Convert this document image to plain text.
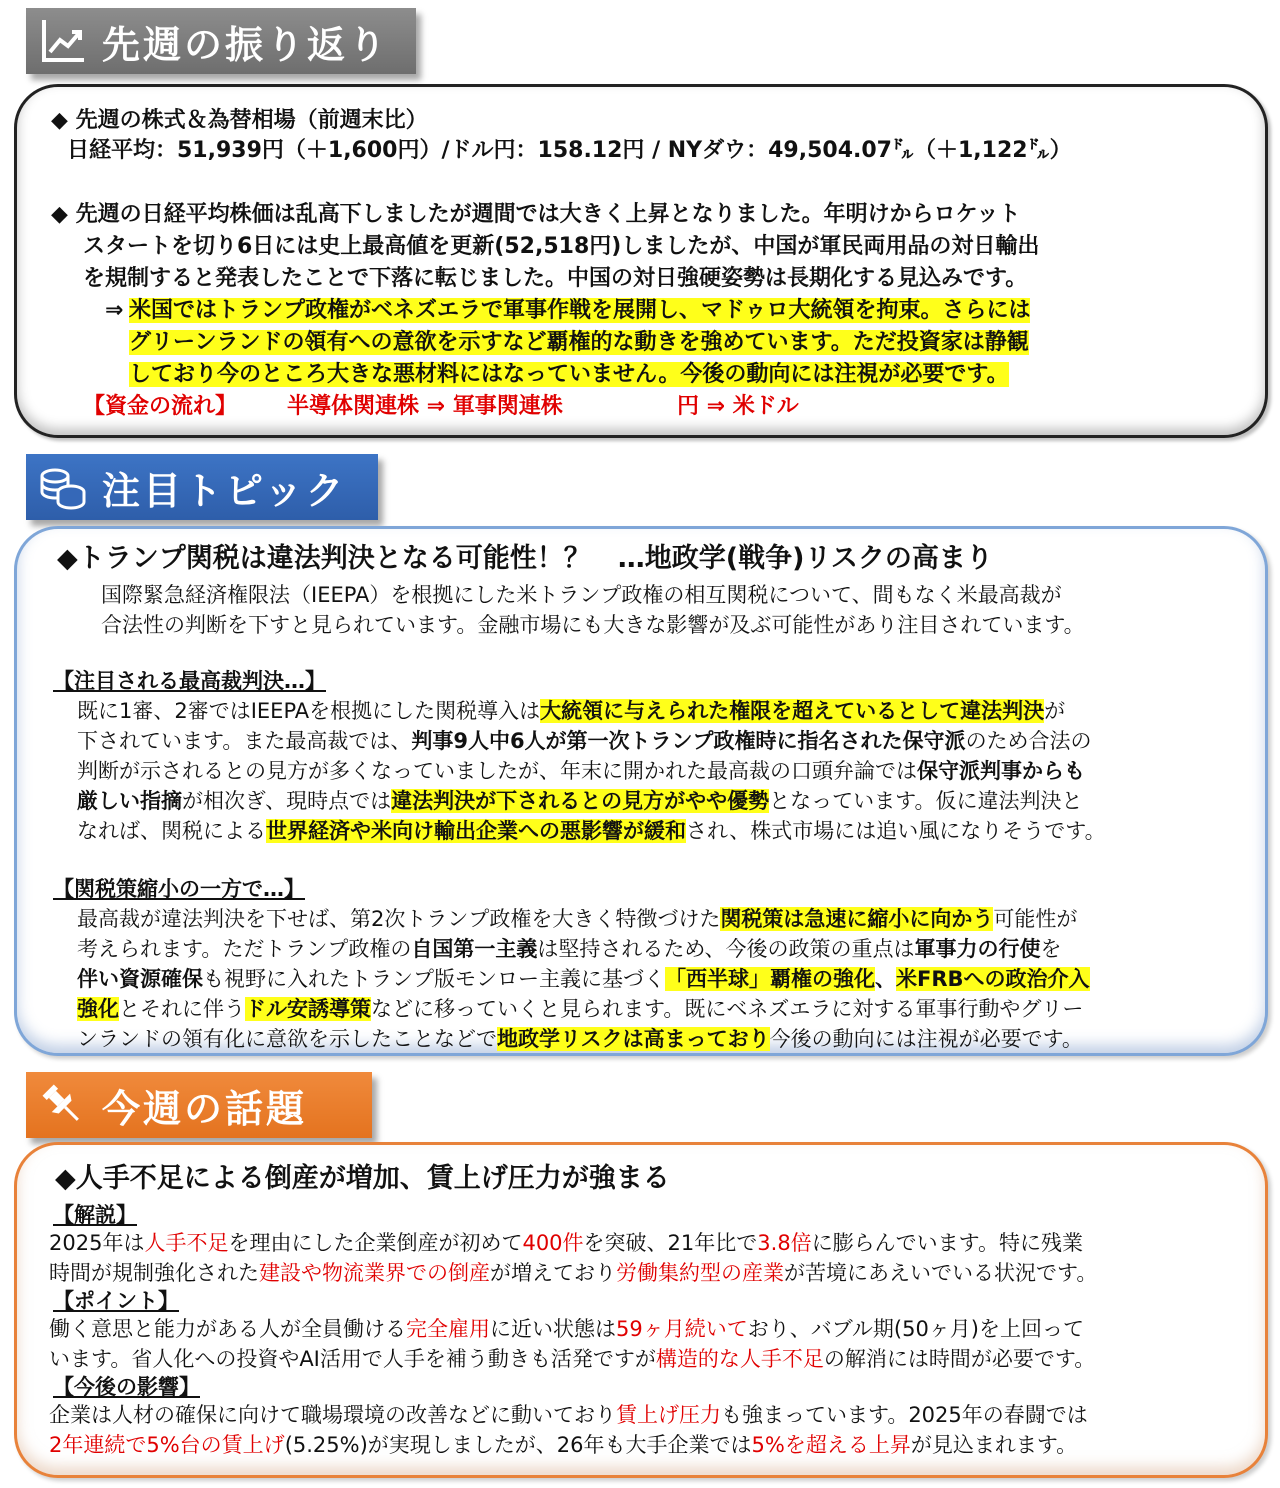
先週の振り返り
◆ 先週の株式＆為替相場（前週末比）
日経平均：51,939円（＋1,600円）/ドル円：158.12円 / NYダウ：49,504.07㌦（＋1,122㌦）
◆ 先週の日経平均株価は乱高下しましたが週間では大きく上昇となりました。年明けからロケット
スタートを切り6日には史上最高値を更新(52,518円)しましたが、中国が軍民両用品の対日輸出
を規制すると発表したことで下落に転じました。中国の対日強硬姿勢は長期化する見込みです。
⇒ 米国ではトランプ政権がベネズエラで軍事作戦を展開し、マドゥロ大統領を拘束。さらには
グリーンランドの領有への意欲を示すなど覇権的な動きを強めています。ただ投資家は静観
しており今のところ大きな悪材料にはなっていません。今後の動向には注視が必要です。
【資金の流れ】 半導体関連株 ⇒ 軍事関連株	円 ⇒ 米ドル
注目トピック
◆トランプ関税は違法判決となる可能性！？　…地政学(戦争)リスクの高まり
国際緊急経済権限法（IEEPA）を根拠にした米トランプ政権の相互関税について、間もなく米最高裁が
合法性の判断を下すと見られています。金融市場にも大きな影響が及ぶ可能性があり注目されています。
【注目される最高裁判決…】
既に1審、2審ではIEEPAを根拠にした関税導入は大統領に与えられた権限を超えているとして違法判決が
下されています。また最高裁では、判事9人中6人が第一次トランプ政権時に指名された保守派のため合法の
判断が示されるとの見方が多くなっていましたが、年末に開かれた最高裁の口頭弁論では保守派判事からも
厳しい指摘が相次ぎ、現時点では違法判決が下されるとの見方がやや優勢となっています。仮に違法判決と
なれば、関税による世界経済や米向け輸出企業への悪影響が緩和され、株式市場には追い風になりそうです。
【関税策縮小の一方で…】
最高裁が違法判決を下せば、第2次トランプ政権を大きく特徴づけた関税策は急速に縮小に向かう可能性が
考えられます。ただトランプ政権の自国第一主義は堅持されるため、今後の政策の重点は軍事力の行使を
伴い資源確保も視野に入れたトランプ版モンロー主義に基づく「西半球」覇権の強化、米FRBへの政治介入
強化とそれに伴うドル安誘導策などに移っていくと見られます。既にベネズエラに対する軍事行動やグリー
ンランドの領有化に意欲を示したことなどで地政学リスクは高まっており今後の動向には注視が必要です。
今週の話題
◆人手不足による倒産が増加、賃上げ圧力が強まる
【解説】
2025年は人手不足を理由にした企業倒産が初めて400件を突破、21年比で3.8倍に膨らんでいます。特に残業
時間が規制強化された建設や物流業界での倒産が増えており労働集約型の産業が苦境にあえいでいる状況です。
【ポイント】
働く意思と能力がある人が全員働ける完全雇用に近い状態は59ヶ月続いており、バブル期(50ヶ月)を上回って
います。省人化への投資やAI活用で人手を補う動きも活発ですが構造的な人手不足の解消には時間が必要です。
【今後の影響】
企業は人材の確保に向けて職場環境の改善などに動いており賃上げ圧力も強まっています。2025年の春闘では
2年連続で5%台の賃上げ(5.25%)が実現しましたが、26年も大手企業では5%を超える上昇が見込まれます。
